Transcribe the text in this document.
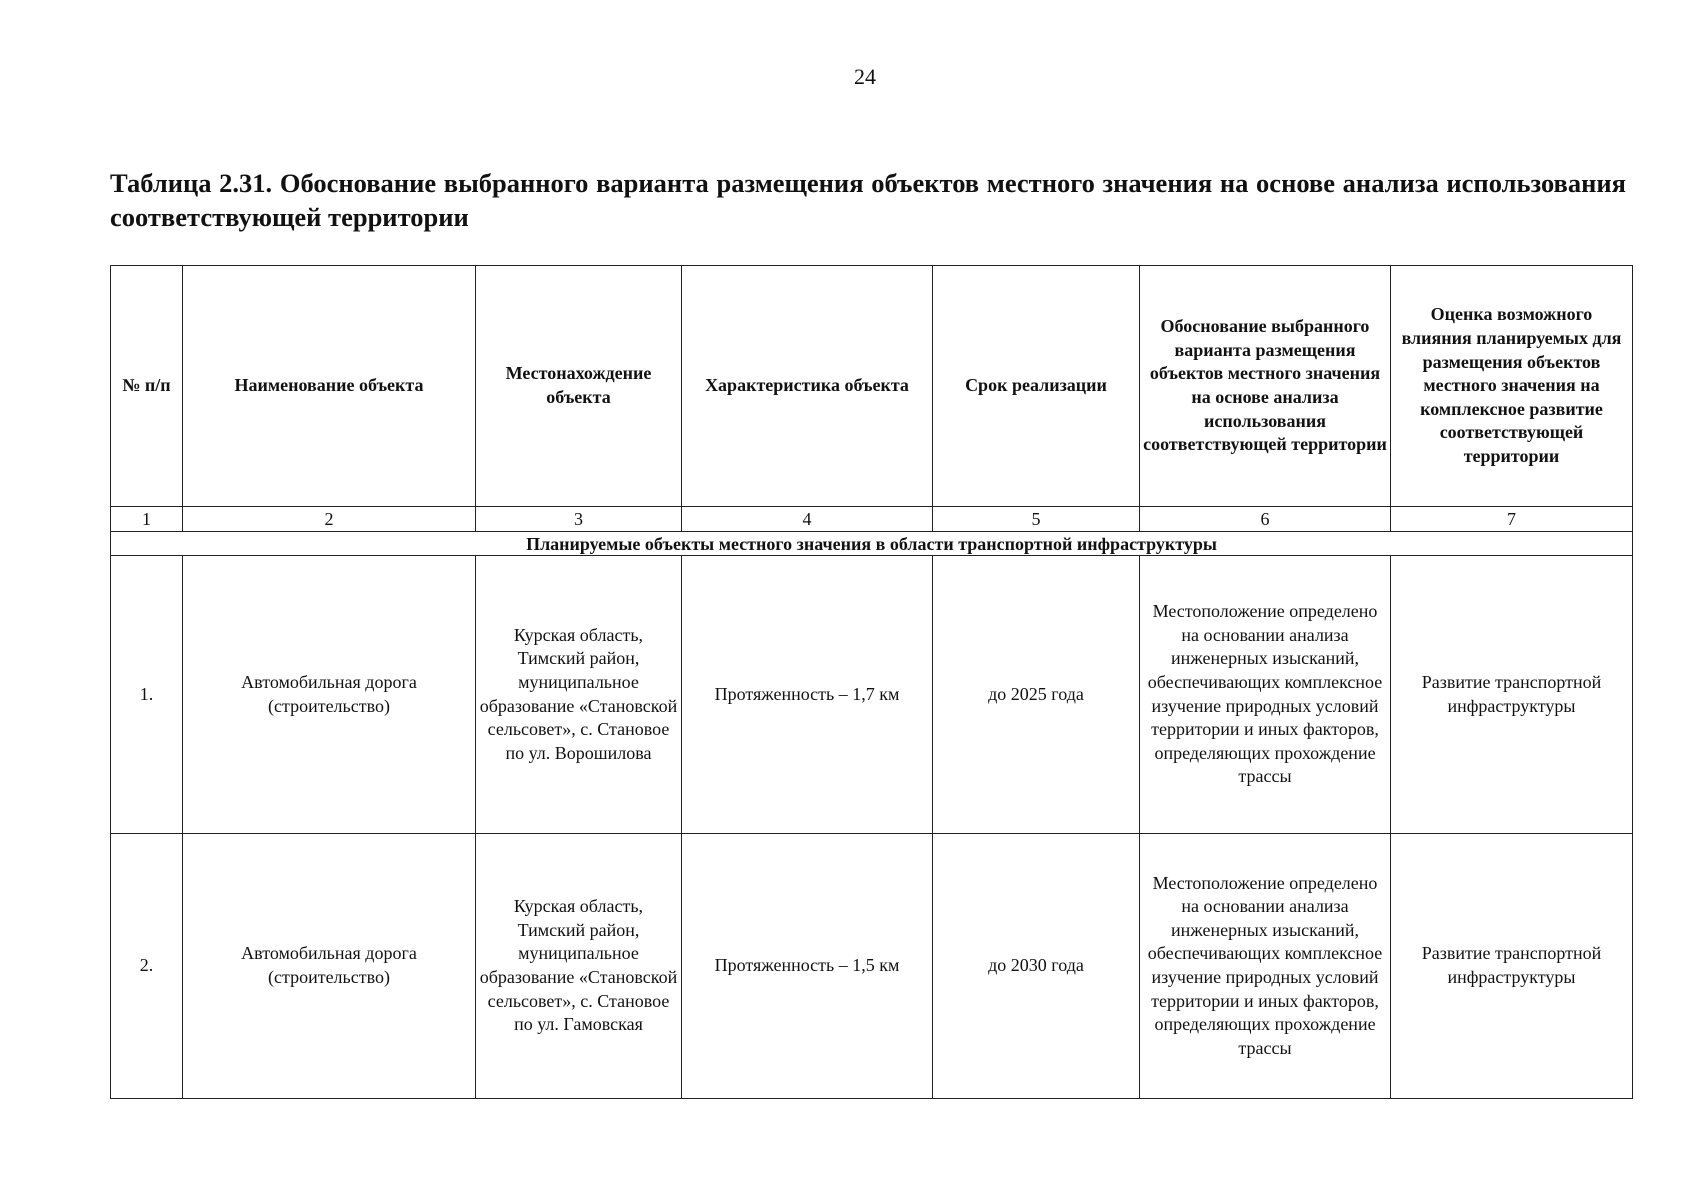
24
Таблица 2.31. Обоснование выбранного варианта размещения объектов местного значения на основе анализа использования соответствующей территории
№ п/п	Наименование объекта	Местонахождение объекта	Характеристика объекта	Срок реализации	Обоснование выбранного варианта размещения объектов местного значения на основе анализа использования соответствующей территории	Оценка возможного влияния планируемых для размещения объектов местного значения на комплексное развитие соответствующей территории
1	2	3	4	5	6	7
Планируемые объекты местного значения в области транспортной инфраструктуры						
1.	Автомобильная дорога (строительство)	Курская область, Тимский район, муниципальное образование «Становской сельсовет», с. Становое по ул. Ворошилова	Протяженность – 1,7 км	до 2025 года	Местоположение определено на основании анализа инженерных изысканий, обеспечивающих комплексное изучение природных условий территории и иных факторов, определяющих прохождение трассы	Развитие транспортной инфраструктуры
2.	Автомобильная дорога (строительство)	Курская область, Тимский район, муниципальное образование «Становской сельсовет», с. Становое по ул. Гамовская	Протяженность – 1,5 км	до 2030 года	Местоположение определено на основании анализа инженерных изысканий, обеспечивающих комплексное изучение природных условий территории и иных факторов, определяющих прохождение трассы	Развитие транспортной инфраструктуры
